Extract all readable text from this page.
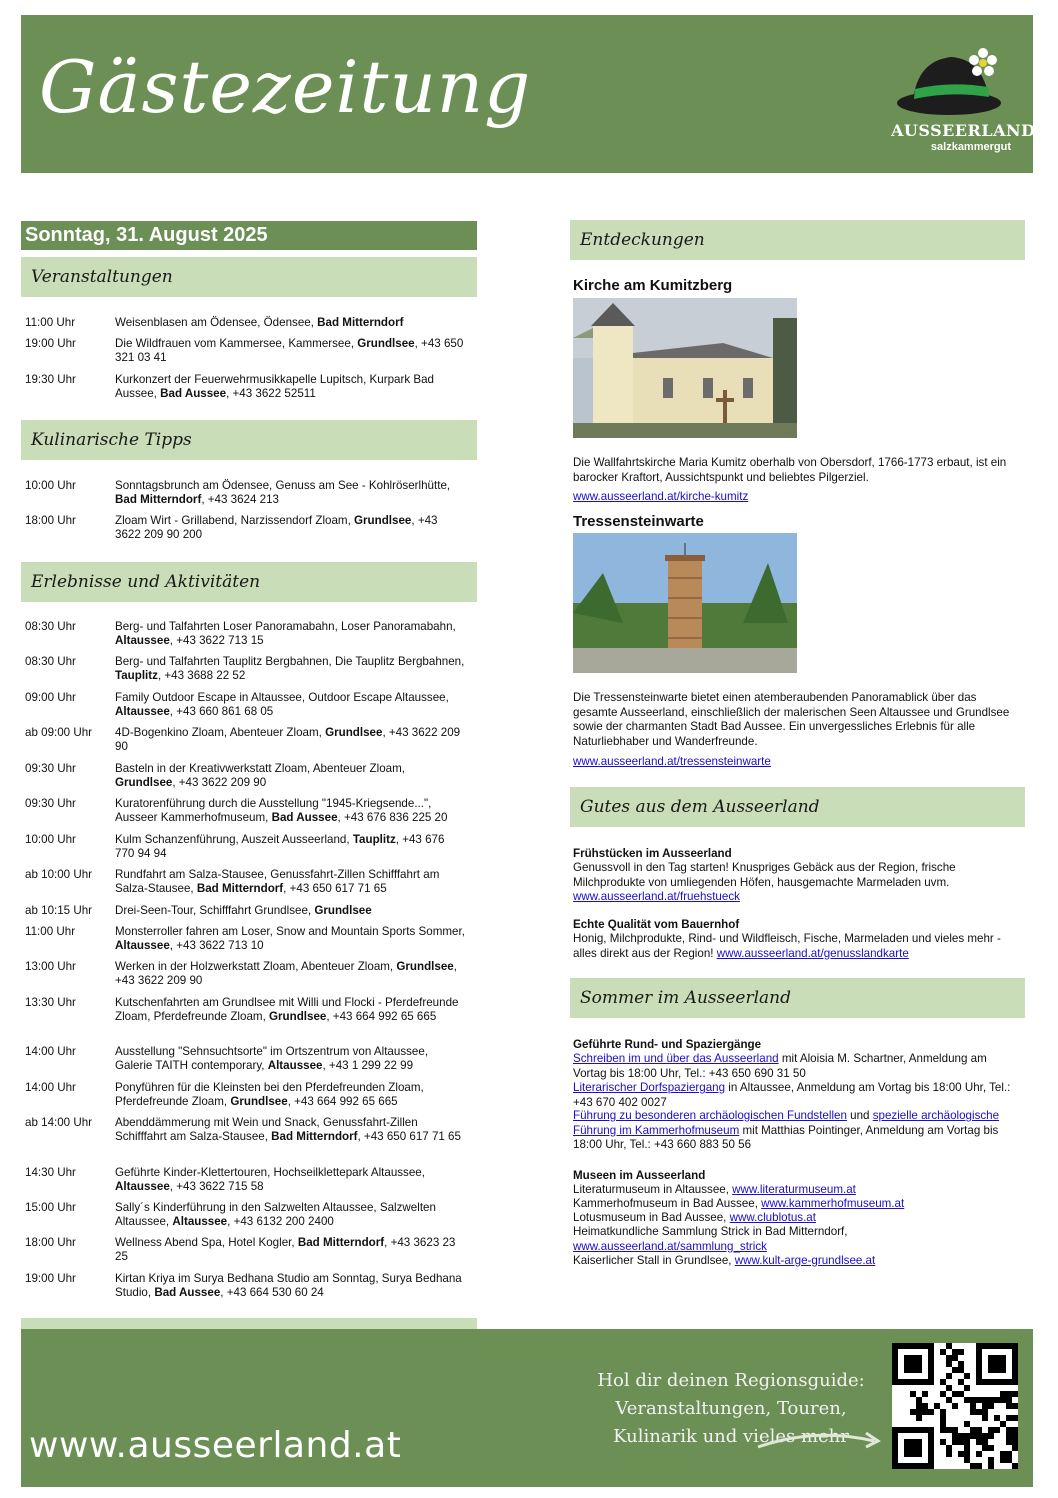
Gästezeitung
AUSSEERLAND
salzkammergut
Sonntag, 31. August 2025
Veranstaltungen
11:00 Uhr	Weisenblasen am Ödensee, Ödensee, Bad Mitterndorf
19:00 Uhr	Die Wildfrauen vom Kammersee, Kammersee, Grundlsee, +43 650 321 03 41
19:30 Uhr	Kurkonzert der Feuerwehrmusikkapelle Lupitsch, Kurpark Bad Aussee, Bad Aussee, +43 3622 52511
Kulinarische Tipps
10:00 Uhr	Sonntagsbrunch am Ödensee, Genuss am See - Kohlröserlhütte, Bad Mitterndorf, +43 3624 213
18:00 Uhr	Zloam Wirt - Grillabend, Narzissendorf Zloam, Grundlsee, +43 3622 209 90 200
Erlebnisse und Aktivitäten
08:30 Uhr	Berg- und Talfahrten Loser Panoramabahn, Loser Panoramabahn, Altaussee, +43 3622 713 15
08:30 Uhr	Berg- und Talfahrten Tauplitz Bergbahnen, Die Tauplitz Bergbahnen, Tauplitz, +43 3688 22 52
09:00 Uhr	Family Outdoor Escape in Altaussee, Outdoor Escape Altaussee, Altaussee, +43 660 861 68 05
ab 09:00 Uhr	4D-Bogenkino Zloam, Abenteuer Zloam, Grundlsee, +43 3622 209 90
09:30 Uhr	Basteln in der Kreativwerkstatt Zloam, Abenteuer Zloam, Grundlsee, +43 3622 209 90
09:30 Uhr	Kuratorenführung durch die Ausstellung "1945-Kriegsende...", Ausseer Kammerhofmuseum, Bad Aussee, +43 676 836 225 20
10:00 Uhr	Kulm Schanzenführung, Auszeit Ausseerland, Tauplitz, +43 676 770 94 94
ab 10:00 Uhr	Rundfahrt am Salza-Stausee, Genussfahrt-Zillen Schifffahrt am Salza-Stausee, Bad Mitterndorf, +43 650 617 71 65
ab 10:15 Uhr	Drei-Seen-Tour, Schifffahrt Grundlsee, Grundlsee
11:00 Uhr	Monsterroller fahren am Loser, Snow and Mountain Sports Sommer, Altaussee, +43 3622 713 10
13:00 Uhr	Werken in der Holzwerkstatt Zloam, Abenteuer Zloam, Grundlsee, +43 3622 209 90
13:30 Uhr	Kutschenfahrten am Grundlsee mit Willi und Flocki - Pferdefreunde Zloam, Pferdefreunde Zloam, Grundlsee, +43 664 992 65 665
14:00 Uhr	Ausstellung "Sehnsuchtsorte" im Ortszentrum von Altaussee, Galerie TAITH contemporary, Altaussee, +43 1 299 22 99
14:00 Uhr	Ponyführen für die Kleinsten bei den Pferdefreunden Zloam, Pferdefreunde Zloam, Grundlsee, +43 664 992 65 665
ab 14:00 Uhr	Abenddämmerung mit Wein und Snack, Genussfahrt-Zillen Schifffahrt am Salza-Stausee, Bad Mitterndorf, +43 650 617 71 65
14:30 Uhr	Geführte Kinder-Klettertouren, Hochseilklettepark Altaussee, Altaussee, +43 3622 715 58
15:00 Uhr	Sally´s Kinderführung in den Salzwelten Altaussee, Salzwelten Altaussee, Altaussee, +43 6132 200 2400
18:00 Uhr	Wellness Abend Spa, Hotel Kogler, Bad Mitterndorf, +43 3623 23 25
19:00 Uhr	Kirtan Kriya im Surya Bedhana Studio am Sonntag, Surya Bedhana Studio, Bad Aussee, +43 664 530 60 24
Entdeckungen
Kirche am Kumitzberg
Die Wallfahrtskirche Maria Kumitz oberhalb von Obersdorf, 1766-1773 erbaut, ist ein barocker Kraftort, Aussichtspunkt und beliebtes Pilgerziel.
www.ausseerland.at/kirche-kumitz
Tressensteinwarte
Die Tressensteinwarte bietet einen atemberaubenden Panoramablick über das gesamte Ausseerland, einschließlich der malerischen Seen Altaussee und Grundlsee sowie der charmanten Stadt Bad Aussee. Ein unvergessliches Erlebnis für alle Naturliebhaber und Wanderfreunde.
www.ausseerland.at/tressensteinwarte
Gutes aus dem Ausseerland
Frühstücken im Ausseerland
Genussvoll in den Tag starten! Knuspriges Gebäck aus der Region, frische Milchprodukte von umliegenden Höfen, hausgemachte Marmeladen uvm.
www.ausseerland.at/fruehstueck
Echte Qualität vom Bauernhof
Honig, Milchprodukte, Rind- und Wildfleisch, Fische, Marmeladen und vieles mehr - alles direkt aus der Region! www.ausseerland.at/genusslandkarte
Sommer im Ausseerland
Geführte Rund- und Spaziergänge
Schreiben im und über das Ausseerland mit Aloisia M. Schartner, Anmeldung am Vortag bis 18:00 Uhr, Tel.: +43 650 690 31 50
Literarischer Dorfspaziergang in Altaussee, Anmeldung am Vortag bis 18:00 Uhr, Tel.: +43 670 402 0027
Führung zu besonderen archäologischen Fundstellen und spezielle archäologische Führung im Kammerhofmuseum mit Matthias Pointinger, Anmeldung am Vortag bis 18:00 Uhr, Tel.: +43 660 883 50 56
Museen im Ausseerland
Literaturmuseum in Altaussee, www.literaturmuseum.at
Kammerhofmuseum in Bad Aussee, www.kammerhofmuseum.at
Lotusmuseum in Bad Aussee, www.clublotus.at
Heimatkundliche Sammlung Strick in Bad Mitterndorf, www.ausseerland.at/sammlung_strick
Kaiserlicher Stall in Grundlsee, www.kult-arge-grundlsee.at
www.ausseerland.at
Hol dir deinen Regionsguide:
Veranstaltungen, Touren,
Kulinarik und vieles mehr
